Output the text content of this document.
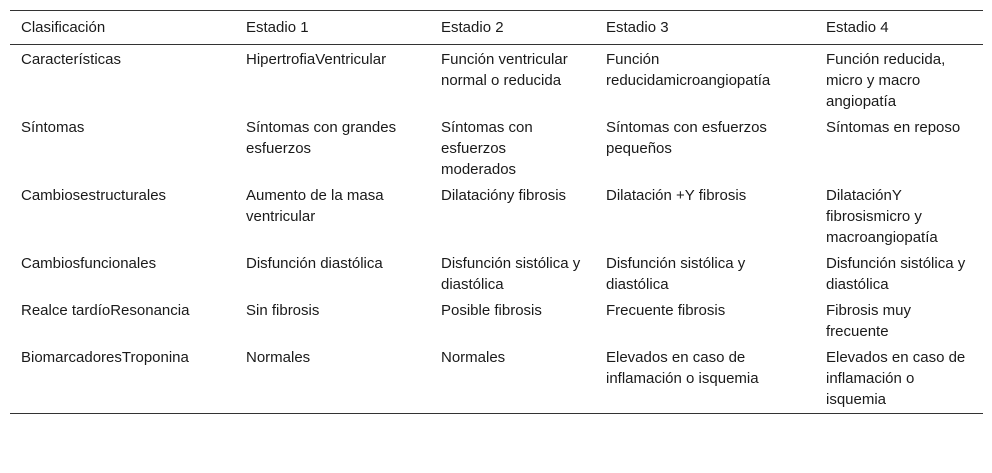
Clasificación	Estadio 1	Estadio 2	Estadio 3	Estadio 4
Características	HipertrofiaVentricular	Función ventricular normal o reducida	Función reducidamicroangiopatía	Función reducida, micro y macro angiopatía
Síntomas	Síntomas con grandes esfuerzos	Síntomas con esfuerzos moderados	Síntomas con esfuerzos pequeños	Síntomas en reposo
Cambiosestructurales	Aumento de la masa ventricular	Dilatacióny fibrosis	Dilatación +Y fibrosis	DilataciónY fibrosismicro y macroangiopatía
Cambiosfuncionales	Disfunción diastólica	Disfunción sistólica y diastólica	Disfunción sistólica y diastólica	Disfunción sistólica y diastólica
Realce tardíoResonancia	Sin fibrosis	Posible fibrosis	Frecuente fibrosis	Fibrosis muy frecuente
BiomarcadoresTroponina	Normales	Normales	Elevados en caso de inflamación o isquemia	Elevados en caso de inflamación o isquemia
